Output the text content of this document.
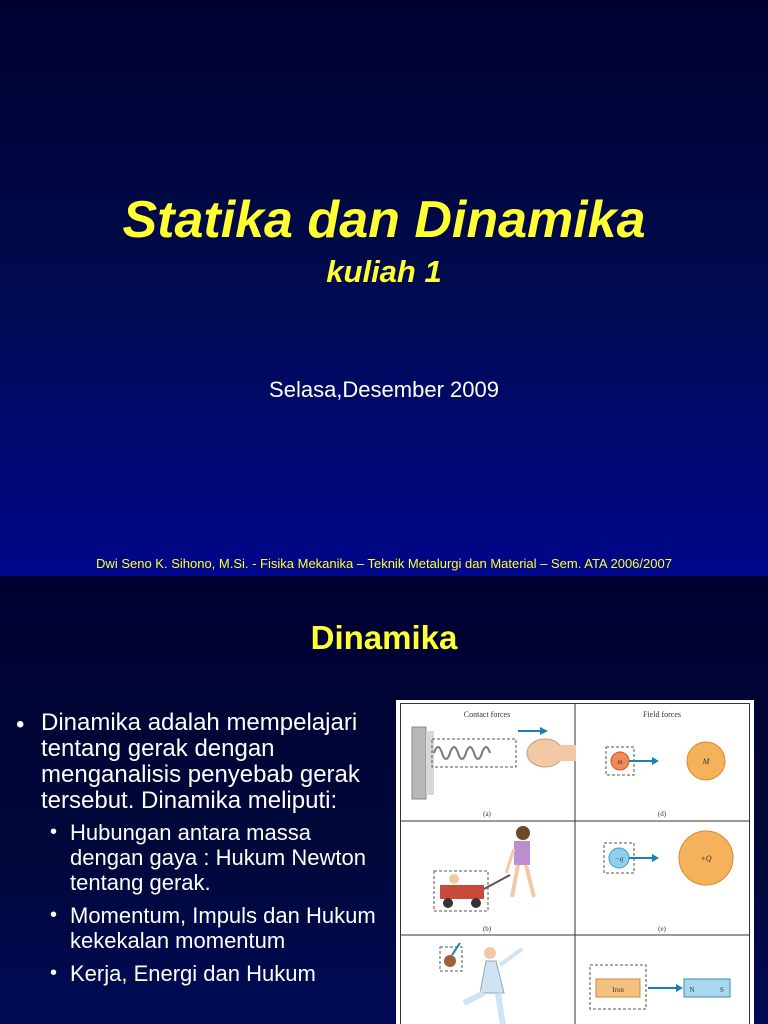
Statika dan Dinamika
kuliah 1
Selasa,Desember 2009
Dwi Seno K. Sihono, M.Si. - Fisika Mekanika – Teknik Metalurgi dan Material – Sem. ATA 2006/2007
Dinamika
• Dinamika adalah mempelajari tentang gerak dengan menganalisis penyebab gerak tersebut. Dinamika meliputi:
• Hubungan antara massa dengan gaya : Hukum Newton tentang gerak.
• Momentum, Impuls dan Hukum kekekalan momentum
• Kerja, Energi dan Hukum
Contact forces	Field forces
(a)
m	M
(d)
(b)
−q	+Q
(e)
Iron	N	S
